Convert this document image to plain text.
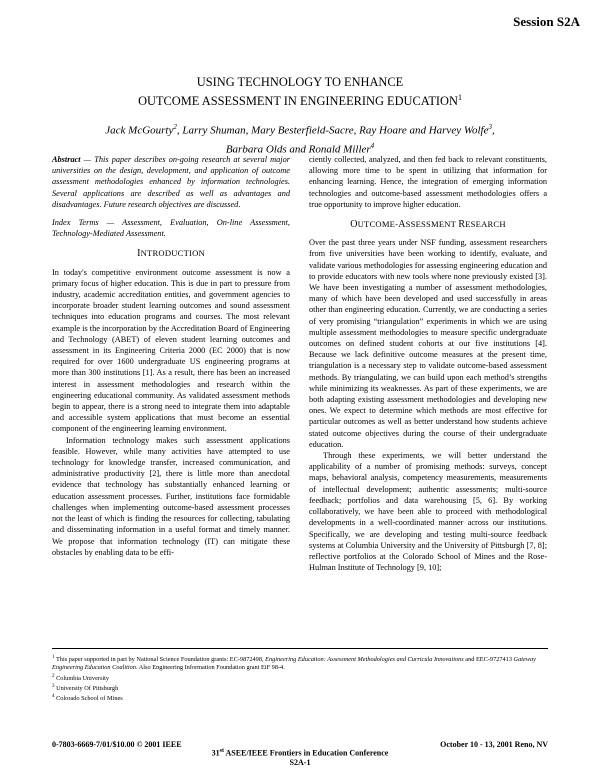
Session S2A
USING TECHNOLOGY TO ENHANCE
OUTCOME ASSESSMENT IN ENGINEERING EDUCATION$^1$
Jack McGourty$^2$, Larry Shuman, Mary Besterfield-Sacre, Ray Hoare and Harvey Wolfe$^3$,
Barbara Olds and Ronald Miller$^4$

Abstract — This paper describes on-going research at several major universities on the design, development, and application of outcome assessment methodologies enhanced by information technologies. Several applications are described as well as advantages and disadvantages. Future research objectives are discussed.

Index Terms — Assessment, Evaluation, On-line Assessment, Technology-Mediated Assessment.

INTRODUCTION

In today's competitive environment outcome assessment is now a primary focus of higher education. This is due in part to pressure from industry, academic accreditation entities, and government agencies to incorporate broader student learning outcomes and sound assessment techniques into education programs and courses. The most relevant example is the incorporation by the Accreditation Board of Engineering and Technology (ABET) of eleven student learning outcomes and assessment in its Engineering Criteria 2000 (EC 2000) that is now required for over 1600 undergraduate US engineering programs at more than 300 institutions [1]. As a result, there has been an increased interest in assessment methodologies and research within the engineering educational community. As validated assessment methods begin to appear, there is a strong need to integrate them into adaptable and accessible system applications that must become an essential component of the engineering learning environment.

Information technology makes such assessment applications feasible. However, while many activities have attempted to use technology for knowledge transfer, increased communication, and administrative productivity [2], there is little more than anecdotal evidence that technology has substantially enhanced learning or education assessment processes. Further, institutions face formidable challenges when implementing outcome-based assessment processes not the least of which is finding the resources for collecting, tabulating and disseminating information in a useful format and timely manner. We propose that information technology (IT) can mitigate these obstacles by enabling data to be effi-

ciently collected, analyzed, and then fed back to relevant constituents, allowing more time to be spent in utilizing that information for enhancing learning. Hence, the integration of emerging information technologies and outcome-based assessment methodologies offers a true opportunity to improve higher education.

OUTCOME-ASSESSMENT RESEARCH

Over the past three years under NSF funding, assessment researchers from five universities have been working to identify, evaluate, and validate various methodologies for assessing engineering education and to provide educators with new tools where none previously existed [3]. We have been investigating a number of assessment methodologies, many of which have been developed and used successfully in areas other than engineering education. Currently, we are conducting a series of very promising “triangulation” experiments in which we are using multiple assessment methodologies to measure specific undergraduate outcomes on defined student cohorts at our five institutions [4]. Because we lack definitive outcome measures at the present time, triangulation is a necessary step to validate outcome-based assessment methods. By triangulating, we can build upon each method’s strengths while minimizing its weaknesses. As part of these experiments, we are both adapting existing assessment methodologies and developing new ones. We expect to determine which methods are most effective for particular outcomes as well as better understand how students achieve stated outcome objectives during the course of their undergraduate education.

Through these experiments, we will better understand the applicability of a number of promising methods: surveys, concept maps, behavioral analysis, competency measurements, measurements of intellectual development; authentic assessments; multi-source feedback; portfolios and data warehousing [5, 6]. By working collaboratively, we have been able to proceed with methodological developments in a well-coordinated manner across our institutions. Specifically, we are developing and testing multi-source feedback systems at Columbia University and the University of Pittsburgh [7, 8]; reflective portfolios at the Colorado School of Mines and the Rose-Hulman Institute of Technology [9, 10];

$^1$ This paper supported in part by National Science Foundation grants: EC-9872498, Engineering Education: Assessment Methodologies and Curricula Innovations and EEC-9727413 Gateway Engineering Education Coalition. Also Engineering Information Foundation grant EiF 98-4.

$^2$ Columbia University

$^3$ University Of Pittsburgh

$^4$ Colorado School of Mines

0-7803-6669-7/01/$10.00 © 2001 IEEE	October 10 - 13, 2001 Reno, NV
31st ASEE/IEEE Frontiers in Education Conference
S2A-1
